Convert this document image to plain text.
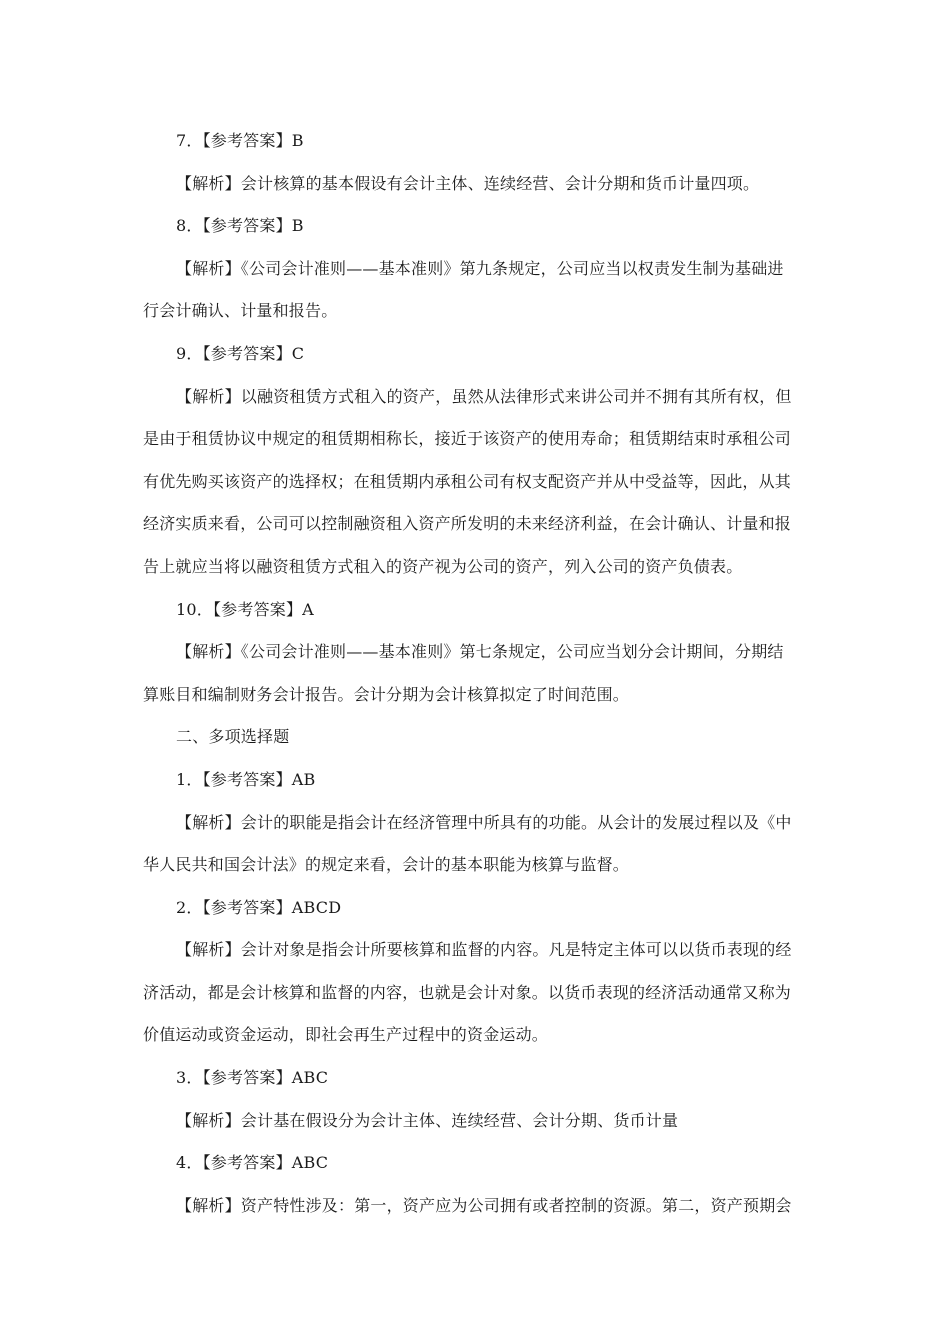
7．【参考答案】B
【解析】会计核算的基本假设有会计主体、连续经营、会计分期和货币计量四项。
8．【参考答案】B
【解析】《公司会计准则——基本准则》第九条规定，公司应当以权责发生制为基础进
行会计确认、计量和报告。
9．【参考答案】C
【解析】以融资租赁方式租入的资产，虽然从法律形式来讲公司并不拥有其所有权，但
是由于租赁协议中规定的租赁期相称长，接近于该资产的使用寿命；租赁期结束时承租公司
有优先购买该资产的选择权；在租赁期内承租公司有权支配资产并从中受益等，因此，从其
经济实质来看，公司可以控制融资租入资产所发明的未来经济利益，在会计确认、计量和报
告上就应当将以融资租赁方式租入的资产视为公司的资产，列入公司的资产负债表。
10．【参考答案】A
【解析】《公司会计准则——基本准则》第七条规定，公司应当划分会计期间，分期结
算账目和编制财务会计报告。会计分期为会计核算拟定了时间范围。
二、多项选择题
1．【参考答案】AB
【解析】会计的职能是指会计在经济管理中所具有的功能。从会计的发展过程以及《中
华人民共和国会计法》的规定来看，会计的基本职能为核算与监督。
2．【参考答案】ABCD
【解析】会计对象是指会计所要核算和监督的内容。凡是特定主体可以以货币表现的经
济活动，都是会计核算和监督的内容，也就是会计对象。以货币表现的经济活动通常又称为
价值运动或资金运动，即社会再生产过程中的资金运动。
3．【参考答案】ABC
【解析】会计基在假设分为会计主体、连续经营、会计分期、货币计量
4．【参考答案】ABC
【解析】资产特性涉及：第一，资产应为公司拥有或者控制的资源。第二，资产预期会
